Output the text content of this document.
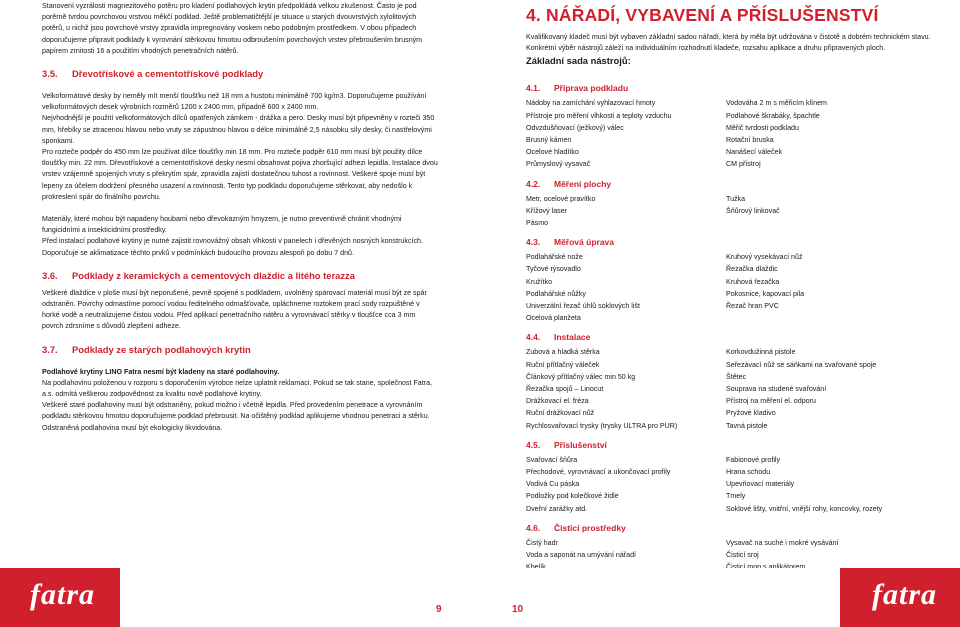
Stanovení vyzrálosti magnezitového potěru pro kladení podlahových krytin předpokládá velkou zkušenost. Často je pod porěrně tvrdou povrchovou vrstvou měkčí podklad. Ještě problematičtější je situace u starých dvouvrstvých xylolitových potěrů, u nichž jsou povrchové vrstvy zpravidla impregnovány voskem nebo podobným prostředkem. V obou případech doporučujeme připravit podklady k vyrovnání stěrkovou hmotou odbroušením povrchových vrstev přebroušením brusným papírem zrnitosti 16 a použitím vhodných penetračních nátěrů.

3.5. Dřevotřískové a cementotřískové podklady

Velkoformátové desky by neměly mít menší tloušťku než 18 mm a hustotu minimálně 700 kg/m3. Doporučujeme používání velkoformátových desek výrobních rozměrů 1200 x 2400 mm, případně 600 x 2400 mm.

Nejvhodnější je použití velkoformátových dílců opatřených zámkem - drážka a pero. Desky musí být připevněny v rozteči 350 mm, hřebíky se ztracenou hlavou nebo vruty se zápustnou hlavou o délce minimálně 2,5 násobku síly desky, či nastřelovými sponkami.

Pro rozteče podpěr do 450 mm lze používat dílce tloušťky min 18 mm. Pro rozteče podpěr 610 mm musí být použity dílce tloušťky min. 22 mm. Dřevotřískové a cementotřískové desky nesmí obsahovat pojiva zhoršující adhezi lepidla. Instalace dvou vrstev vzájemně spojených vruty s překrytím spár, zpravidla zajistí dostatečnou tuhost a rovinnost. Veškeré spoje musí být lepeny za účelem dodržení přesného usazení a rovinnosti. Tento typ podkladu doporučujeme stěrkovat, aby nedošlo k prokreslení spár do finálního povrchu.

Materiály, které mohou být napadeny houbami nebo dřevokazným hmyzem, je nutno preventivně chránit vhodnými fungicidními a insekticidními prostředky.

Před instalací podlahové krytiny je nutné zajistit rovnovážný obsah vlhkosti v panelech i dřevěných nosných konstrukcích. Doporučuje se aklimatizace těchto prvků v podmínkách budoucího provozu alespoň po dobu 7 dnů.

3.6. Podklady z keramických a cementových dlaždic a litého terazza

Veškeré dlaždice v ploše musí být neporušené, pevně spojené s podkladem, uvolněný spárovací materiál musí být ze spár odstraněn. Povrchy odmastíme pomocí vodou ředitelného odmašťovače, opláchneme roztokem prací sody rozpuštěné v horké vodě a neutralizujeme čistou vodou. Před aplikací penetračního nátěru a vyrovnávací stěrky v tloušťce cca 3 mm povrch zdrsníme s důvodů zlepšení adheze.

3.7. Podklady ze starých podlahových krytin

Podlahové krytiny LINO Fatra nesmí být kladeny na staré podlahoviny.

Na podlahovinu položenou v rozporu s doporučením výrobce nelze uplatnit reklamaci. Pokud se tak stane, společnost Fatra, a.s. odmítá veškerou zodpovědnost za kvalitu nově podlahové krytiny.

Veškeré staré podlahoviny musí být odstraněny, pokud možno i včetně lepidla. Před provedením penetrace a vyrovnáním podkladu stěrkovou hmotou doporučujeme podklad přebrousit. Na očištěný podklad aplikujeme vhodnou penetraci a stěrku. Odstraněná podlahovina musí být ekologicky likvidována.

4. NÁŘADÍ, VYBAVENÍ A PŘÍSLUŠENSTVÍ

Kvalifikovaný kladeč musí být vybaven základní sadou nářadí, která by měla být udržována v čistotě a dobrém technickém stavu.

Konkrétní výběr nástrojů záleží na individuálním rozhodnutí kladeče, rozsahu aplikace a druhu připravených ploch.

Základní sada nástrojů:
4.1. Příprava podkladu
Nádoby na zamíchání vyhlazovací hmoty	Vodováha 2 m s měřicím klínem
Přístroje pro měření vlhkosti a teploty vzduchu	Podlahové škrabáky, špachtle
Odvzdušňovací (ježkový) válec	Měřič tvrdosti podkladu
Brusný kámen	Rotační bruska
Ocelové hladítko	Nanášecí váleček
Průmyslový vysavač	CM přístroj
4.2. Měření plochy
Metr, ocelové pravítko	Tužka
Křížový laser	Šňůrový linkovač
Pásmo
4.3. Měřová úprava
Podlahářské nože	Kruhový vysekávací nůž
Tyčové rýsovadlo	Řezačka dlaždic
Kružítko	Kruhová řezačka
Podlahářské nůžky	Pokosnice, kapovací pila
Univerzální řezač úhlů soklových lišt	Řezač hran PVC
Ocelová planžeta
4.4. Instalace
Zubová a hladká stěrka	Korkovdužinná pistole
Ruční přítlačný váleček	Seřezávací nůž se sáňkami na svařované spoje
Článkový přítlačný válec min 50 kg	Štětec
Řezačka spojů – Linocut	Souprava na studené svařování
Drážkovací el. fréza	Přístroj na měření el. odporu
Ruční drážkovací nůž	Pryžové kladivo
Rychlosvařovací trysky (trysky ULTRA pro PUR)	Tavná pistole
4.5. Příslušenství
Svařovací šňůra	Fabionové profily
Přechodové, vyrovnávací a ukončovací profily	Hrana schodu
Vodivá Cu páska	Upevňovací materiály
Podložky pod kolečkové židle	Tmely
Dveřní zarážky atd.	Soklové lišty, vnitřní, vnější rohy, koncovky, rozety
4.6. Čisticí prostředky
Čistý hadr	Vysavač na suché i mokré vysávání
Voda a saponát na umývání nářadí	Čisticí sroj
fatra	fatra
9	10
